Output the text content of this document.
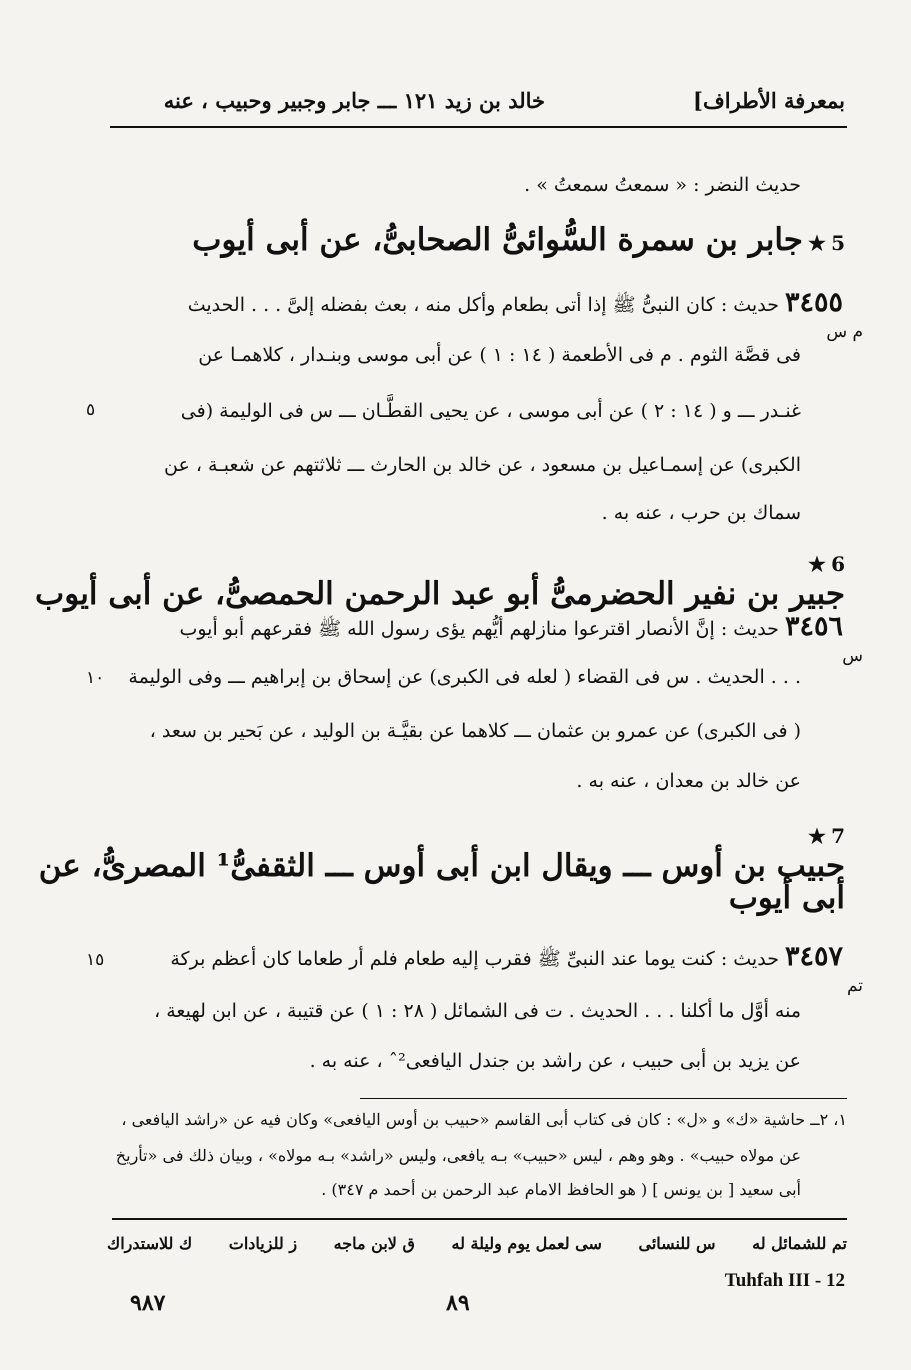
بمعرفة الأطراف]
خالد بن زيد ١٢١ ـــ جابر وجبير وحبيب ، عنه
حديث النضر : « سمعتُ سمعتُ » .
5 ★ جابر بن سمرة السُّوائىُّ الصحابىُّ، عن أبى أيوب
٣٤٥٥ حديث : كان النبىُّ ﷺ إذا أتى بطعام وأكل منه ، بعث بفضله إلىَّ . . . الحديث
م س
فى قصَّة الثوم . م فى الأطعمة ( ١٤ : ١ ) عن أبى موسى وبنـدار ، كلاهمـا عن
غنـدر ـــ و ( ١٤ : ٢ ) عن أبى موسى ، عن يحيى القطَّـان ـــ س فى الوليمة (فى
٥
الكبرى) عن إسمـاعيل بن مسعود ، عن خالد بن الحارث ـــ ثلاثتهم عن شعبـة ، عن
سماك بن حرب ، عنه به .
6 ★ جبير بن نفير الحضرمىُّ أبو عبد الرحمن الحمصىُّ، عن أبى أيوب
٣٤٥٦ حديث : إنَّ الأنصار اقترعوا منازلهم أيُّهم يؤى رسول الله ﷺ فقرعهم أبو أيوب
س
. . . الحديث . س فى القضاء ( لعله فى الكبرى) عن إسحاق بن إبراهيم ـــ وفى الوليمة
١٠
( فى الكبرى) عن عمرو بن عثمان ـــ كلاهما عن بقيَّـة بن الوليد ، عن بَحير بن سعد ،
عن خالد بن معدان ، عنه به .
7 ★ حبيب بن أوس ـــ ويقال ابن أبى أوس ـــ الثقفىُّ¹ المصرىُّ، عن
أبى أيوب
٣٤٥٧ حديث : كنت يوما عند النبىِّ ﷺ فقرب إليه طعام فلم أر طعاما كان أعظم بركة
١٥
تم
منه أوَّل ما أكلنا . . . الحديث . ت فى الشمائل ( ٢٨ : ١ ) عن قتيبة ، عن ابن لهيعة ،
عن يزيد بن أبى حبيب ، عن راشد بن جندل اليافعى²ˆ ، عنه به .
١، ٢ــ حاشية «ك» و «ل» : كان فى كتاب أبى القاسم «حبيب بن أوس اليافعى» وكان فيه عن «راشد اليافعى ،
عن مولاه حبيب» . وهو وهم ، ليس «حبيب» بـه يافعى، وليس «راشد» بـه مولاه» ، وبيان ذلك فى «تأريخ
أبى سعيد [ بن يونس ] ( هو الحافظ الامام عبد الرحمن بن أحمد م ٣٤٧) .
تم للشمائل له
س للنسائى
سى لعمل يوم وليلة له
ق لابن ماجه
ز للزيادات
ك للاستدراك
Tuhfah III - 12
٨٩
٩٨٧
